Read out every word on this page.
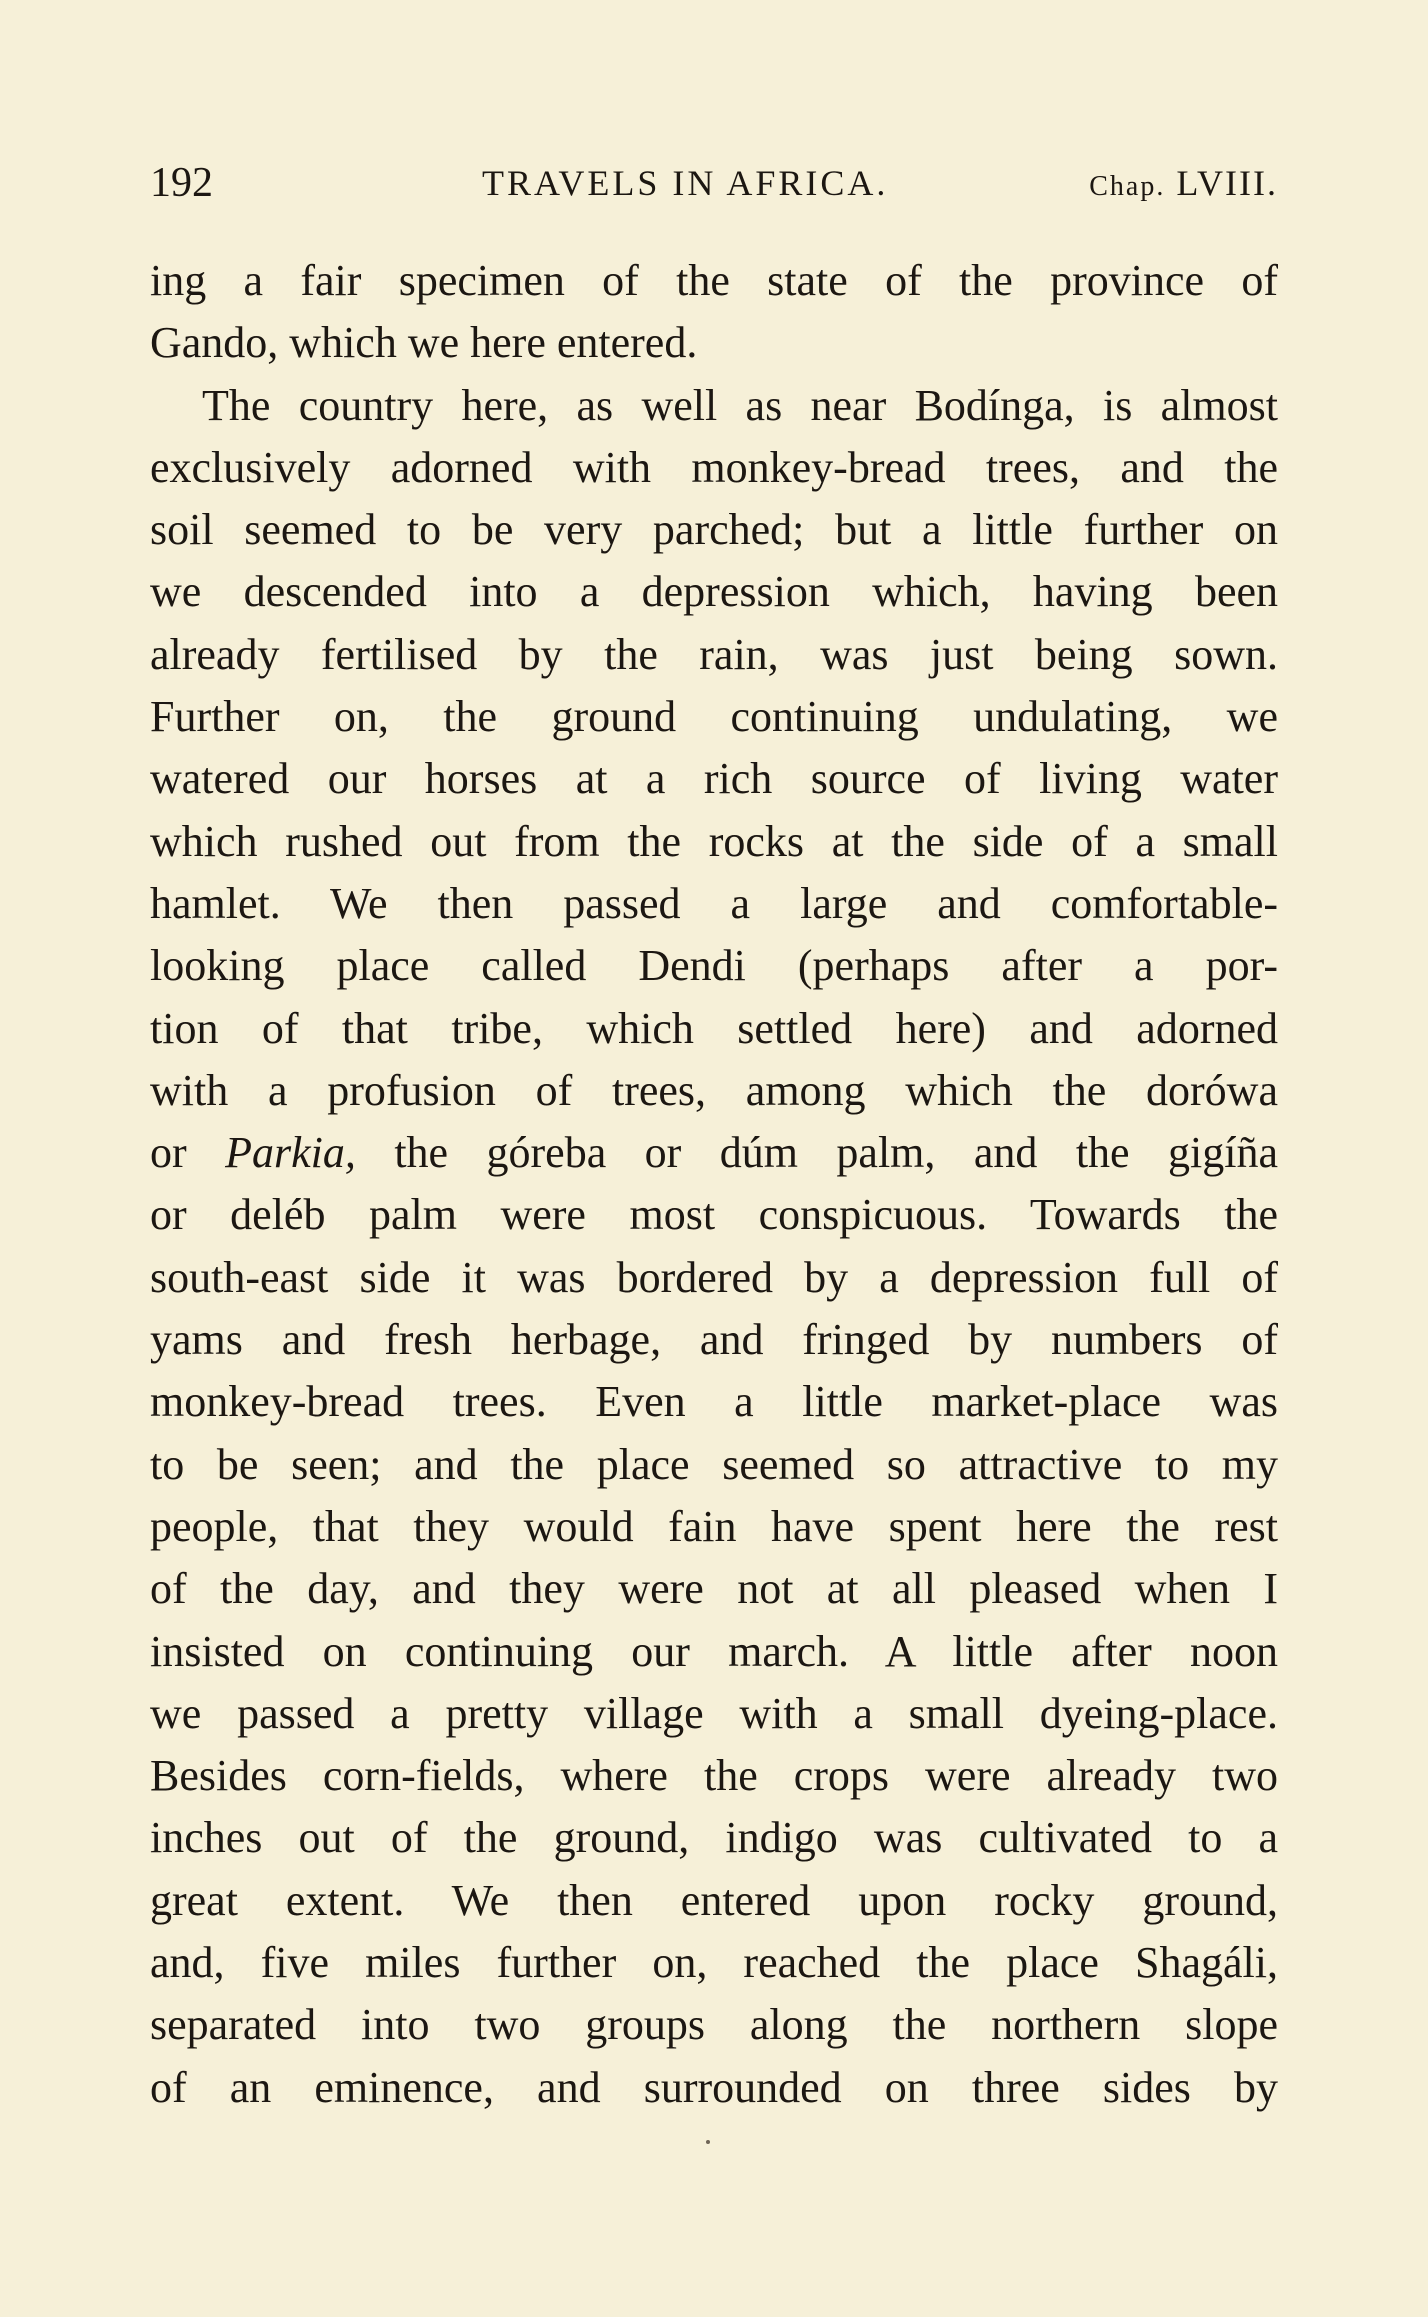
192	TRAVELS IN AFRICA.	Chap. LVIII.
ing a fair specimen of the state of the province of
Gando, which we here entered.
The country here, as well as near Bodínga, is almost
exclusively adorned with monkey-bread trees, and the
soil seemed to be very parched; but a little further on
we descended into a depression which, having been
already fertilised by the rain, was just being sown.
Further on, the ground continuing undulating, we
watered our horses at a rich source of living water
which rushed out from the rocks at the side of a small
hamlet. We then passed a large and comfortable-
looking place called Dendi (perhaps after a por-
tion of that tribe, which settled here) and adorned
with a profusion of trees, among which the dorówa
or Parkia, the góreba or dúm palm, and the gigíña
or deléb palm were most conspicuous. Towards the
south-east side it was bordered by a depression full of
yams and fresh herbage, and fringed by numbers of
monkey-bread trees. Even a little market-place was
to be seen; and the place seemed so attractive to my
people, that they would fain have spent here the rest
of the day, and they were not at all pleased when I
insisted on continuing our march. A little after noon
we passed a pretty village with a small dyeing-place.
Besides corn-fields, where the crops were already two
inches out of the ground, indigo was cultivated to a
great extent. We then entered upon rocky ground,
and, five miles further on, reached the place Shagáli,
separated into two groups along the northern slope
of an eminence, and surrounded on three sides by
